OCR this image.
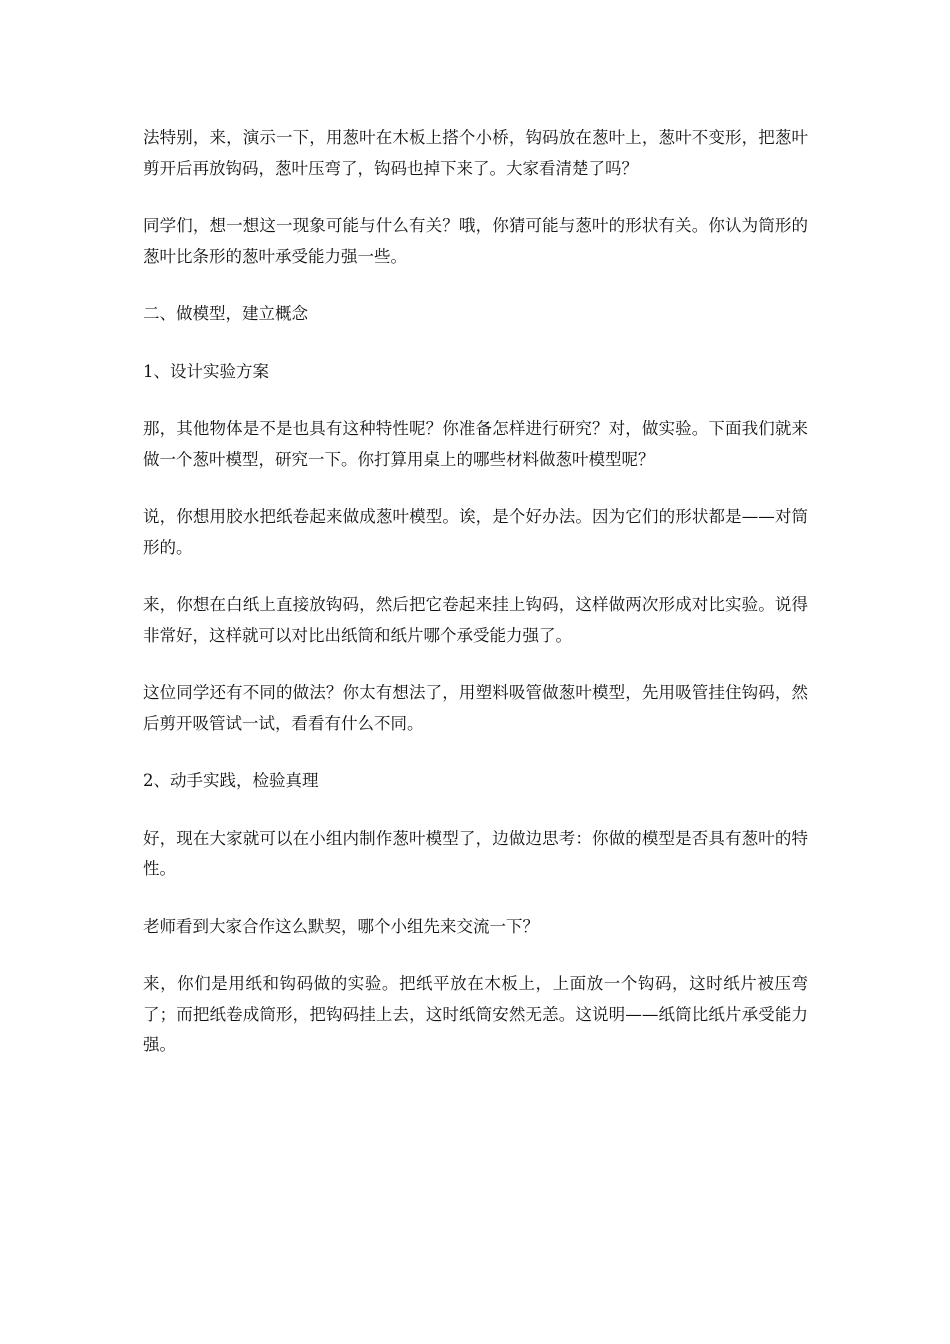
法特别，来，演示一下，用葱叶在木板上搭个小桥，钩码放在葱叶上，葱叶不变形，把葱叶剪开后再放钩码，葱叶压弯了，钩码也掉下来了。大家看清楚了吗？

同学们，想一想这一现象可能与什么有关？哦，你猜可能与葱叶的形状有关。你认为筒形的葱叶比条形的葱叶承受能力强一些。

二、做模型，建立概念

1、设计实验方案

那，其他物体是不是也具有这种特性呢？你准备怎样进行研究？对，做实验。下面我们就来做一个葱叶模型，研究一下。你打算用桌上的哪些材料做葱叶模型呢？

说，你想用胶水把纸卷起来做成葱叶模型。诶，是个好办法。因为它们的形状都是——对筒形的。

来，你想在白纸上直接放钩码，然后把它卷起来挂上钩码，这样做两次形成对比实验。说得非常好，这样就可以对比出纸筒和纸片哪个承受能力强了。

这位同学还有不同的做法？你太有想法了，用塑料吸管做葱叶模型，先用吸管挂住钩码，然后剪开吸管试一试，看看有什么不同。

2、动手实践，检验真理

好，现在大家就可以在小组内制作葱叶模型了，边做边思考：你做的模型是否具有葱叶的特性。

老师看到大家合作这么默契，哪个小组先来交流一下？

来，你们是用纸和钩码做的实验。把纸平放在木板上，上面放一个钩码，这时纸片被压弯了；而把纸卷成筒形，把钩码挂上去，这时纸筒安然无恙。这说明——纸筒比纸片承受能力强。
